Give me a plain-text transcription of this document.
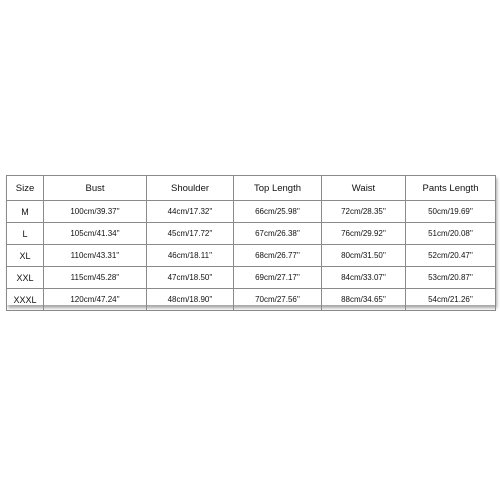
Size	Bust	Shoulder	Top Length	Waist	Pants Length
M	100cm/39.37''	44cm/17.32''	66cm/25.98''	72cm/28.35''	50cm/19.69''
L	105cm/41.34''	45cm/17.72''	67cm/26.38''	76cm/29.92''	51cm/20.08''
XL	110cm/43.31''	46cm/18.11''	68cm/26.77''	80cm/31.50''	52cm/20.47''
XXL	115cm/45.28''	47cm/18.50''	69cm/27.17''	84cm/33.07''	53cm/20.87''
XXXL	120cm/47.24''	48cm/18.90''	70cm/27.56''	88cm/34.65''	54cm/21.26''
